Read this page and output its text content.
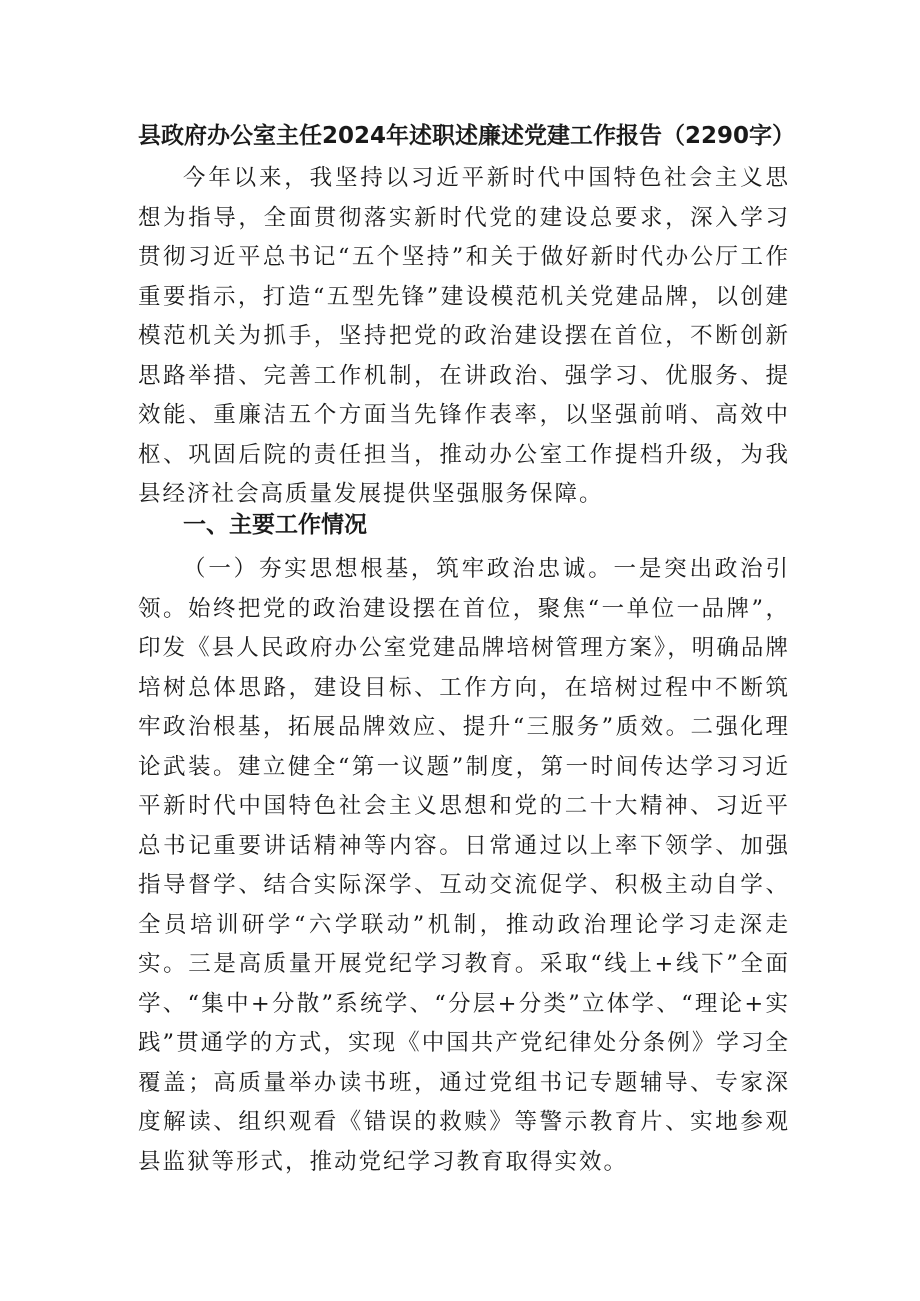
县政府办公室主任2024年述职述廉述党建工作报告（2290字）

今年以来，我坚持以习近平新时代中国特色社会主义思想为指导，全面贯彻落实新时代党的建设总要求，深入学习贯彻习近平总书记“五个坚持”和关于做好新时代办公厅工作重要指示，打造“五型先锋”建设模范机关党建品牌，以创建模范机关为抓手，坚持把党的政治建设摆在首位，不断创新思路举措、完善工作机制，在讲政治、强学习、优服务、提效能、重廉洁五个方面当先锋作表率，以坚强前哨、高效中枢、巩固后院的责任担当，推动办公室工作提档升级，为我县经济社会高质量发展提供坚强服务保障。

一、主要工作情况

（一）夯实思想根基，筑牢政治忠诚。一是突出政治引领。始终把党的政治建设摆在首位，聚焦“一单位一品牌”，印发《县人民政府办公室党建品牌培树管理方案》，明确品牌培树总体思路，建设目标、工作方向，在培树过程中不断筑牢政治根基，拓展品牌效应、提升“三服务”质效。二强化理论武装。建立健全“第一议题”制度，第一时间传达学习习近平新时代中国特色社会主义思想和党的二十大精神、习近平总书记重要讲话精神等内容。日常通过以上率下领学、加强指导督学、结合实际深学、互动交流促学、积极主动自学、全员培训研学“六学联动”机制，推动政治理论学习走深走实。三是高质量开展党纪学习教育。采取“线上+线下”全面学、“集中+分散”系统学、“分层+分类”立体学、“理论+实践”贯通学的方式，实现《中国共产党纪律处分条例》学习全覆盖；高质量举办读书班，通过党组书记专题辅导、专家深度解读、组织观看《错误的救赎》等警示教育片、实地参观县监狱等形式，推动党纪学习教育取得实效。
